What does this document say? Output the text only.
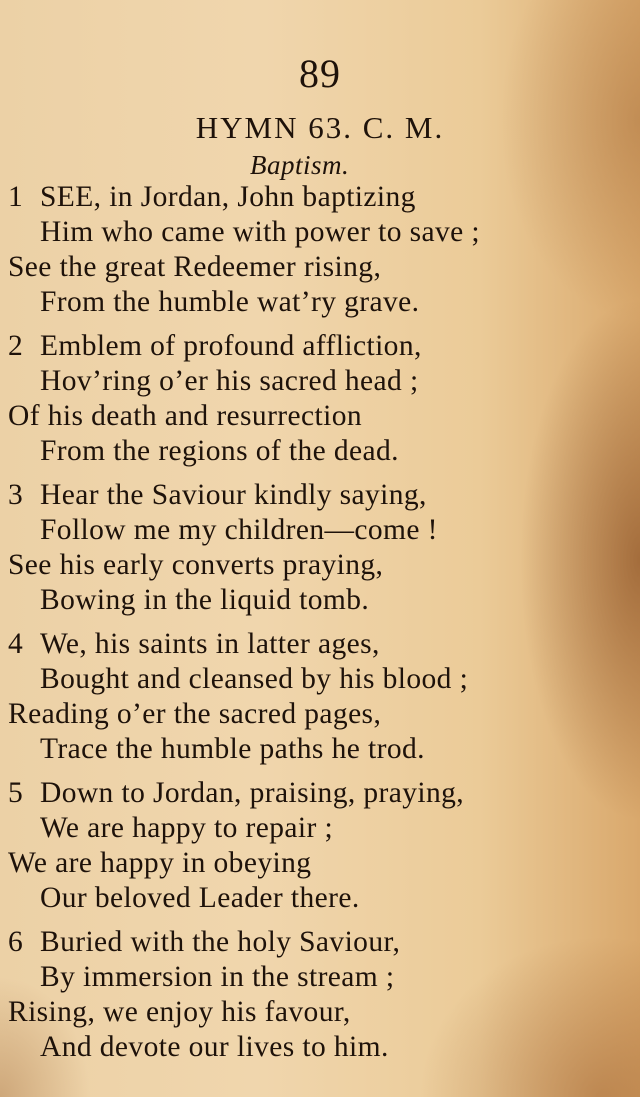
89
HYMN 63. C. M.
Baptism.
1 SEE, in Jordan, John baptizing
Him who came with power to save ;
See the great Redeemer rising,
From the humble wat’ry grave.
2 Emblem of profound affliction,
Hov’ring o’er his sacred head ;
Of his death and resurrection
From the regions of the dead.
3 Hear the Saviour kindly saying,
Follow me my children—come !
See his early converts praying,
Bowing in the liquid tomb.
4 We, his saints in latter ages,
Bought and cleansed by his blood ;
Reading o’er the sacred pages,
Trace the humble paths he trod.
5 Down to Jordan, praising, praying,
We are happy to repair ;
We are happy in obeying
Our beloved Leader there.
6 Buried with the holy Saviour,
By immersion in the stream ;
Rising, we enjoy his favour,
And devote our lives to him.
